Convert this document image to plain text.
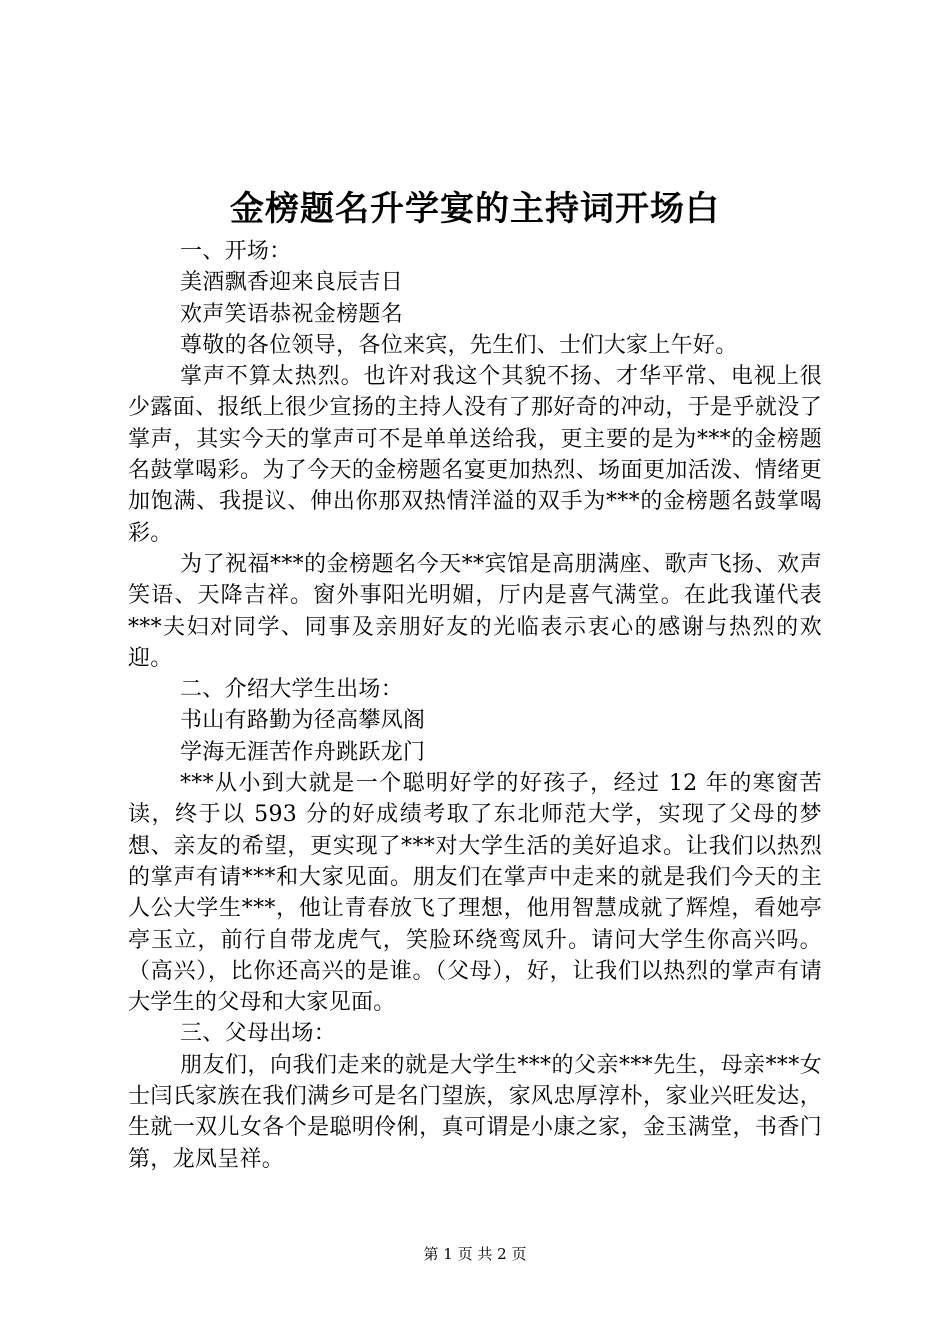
金榜题名升学宴的主持词开场白

一、开场：

美酒飘香迎来良辰吉日

欢声笑语恭祝金榜题名

尊敬的各位领导，各位来宾，先生们、士们大家上午好。

掌声不算太热烈。也许对我这个其貌不扬、才华平常、电视上很少露面、报纸上很少宣扬的主持人没有了那好奇的冲动，于是乎就没了掌声，其实今天的掌声可不是单单送给我，更主要的是为***的金榜题名鼓掌喝彩。为了今天的金榜题名宴更加热烈、场面更加活泼、情绪更加饱满、我提议、伸出你那双热情洋溢的双手为***的金榜题名鼓掌喝彩。

为了祝福***的金榜题名今天**宾馆是高朋满座、歌声飞扬、欢声笑语、天降吉祥。窗外事阳光明媚，厅内是喜气满堂。在此我谨代表***夫妇对同学、同事及亲朋好友的光临表示衷心的感谢与热烈的欢迎。

二、介绍大学生出场：

书山有路勤为径高攀凤阁

学海无涯苦作舟跳跃龙门

***从小到大就是一个聪明好学的好孩子，经过 12 年的寒窗苦读，终于以 593 分的好成绩考取了东北师范大学，实现了父母的梦想、亲友的希望，更实现了***对大学生活的美好追求。让我们以热烈的掌声有请***和大家见面。朋友们在掌声中走来的就是我们今天的主人公大学生***，他让青春放飞了理想，他用智慧成就了辉煌，看她亭亭玉立，前行自带龙虎气，笑脸环绕鸾凤升。请问大学生你高兴吗。（高兴），比你还高兴的是谁。（父母），好，让我们以热烈的掌声有请大学生的父母和大家见面。

三、父母出场：

朋友们，向我们走来的就是大学生***的父亲***先生，母亲***女士闫氏家族在我们满乡可是名门望族，家风忠厚淳朴，家业兴旺发达，生就一双儿女各个是聪明伶俐，真可谓是小康之家，金玉满堂，书香门第，龙凤呈祥。

第 1 页 共 2 页
